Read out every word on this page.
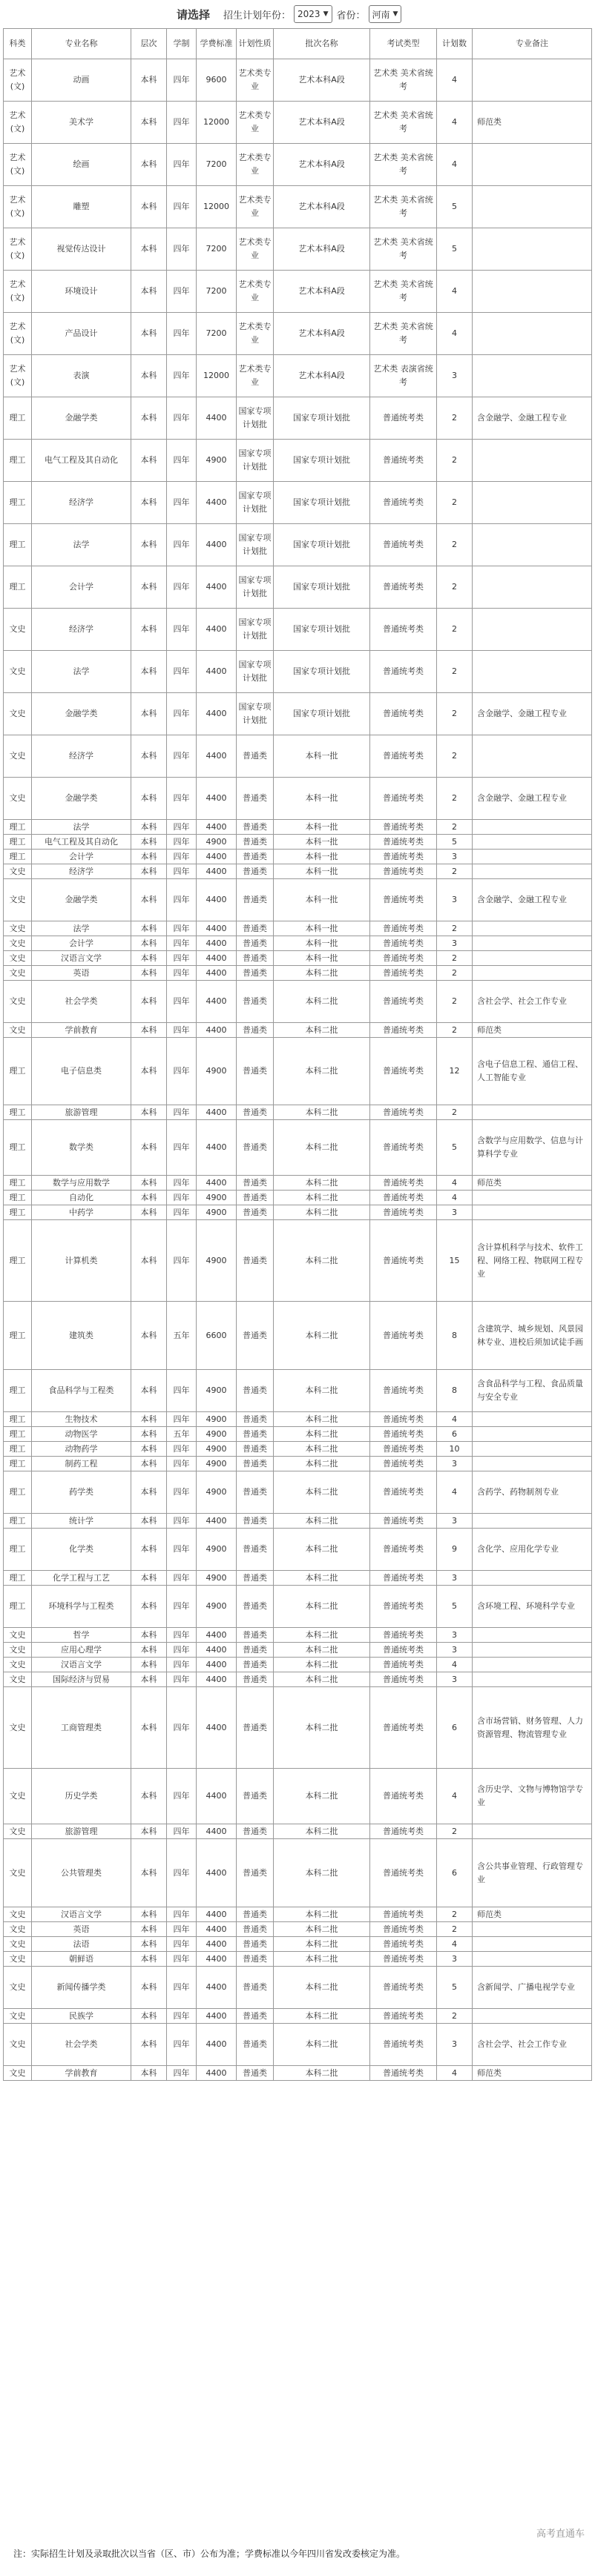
请选择 招生计划年份： 2023 ▼ 省份： 河南 ▼
科类	专业名称	层次	学制	学费标准	计划性质	批次名称	考试类型	计划数	专业备注
艺术(文)	动画	本科	四年	9600	艺术类专业	艺术本科A段	艺术类 美术省统考	4	
艺术(文)	美术学	本科	四年	12000	艺术类专业	艺术本科A段	艺术类 美术省统考	4	师范类
艺术(文)	绘画	本科	四年	7200	艺术类专业	艺术本科A段	艺术类 美术省统考	4	
艺术(文)	雕塑	本科	四年	12000	艺术类专业	艺术本科A段	艺术类 美术省统考	5	
艺术(文)	视觉传达设计	本科	四年	7200	艺术类专业	艺术本科A段	艺术类 美术省统考	5	
艺术(文)	环境设计	本科	四年	7200	艺术类专业	艺术本科A段	艺术类 美术省统考	4	
艺术(文)	产品设计	本科	四年	7200	艺术类专业	艺术本科A段	艺术类 美术省统考	4	
艺术(文)	表演	本科	四年	12000	艺术类专业	艺术本科A段	艺术类 表演省统考	3	
理工	金融学类	本科	四年	4400	国家专项计划批	国家专项计划批	普通统考类	2	含金融学、金融工程专业
理工	电气工程及其自动化	本科	四年	4900	国家专项计划批	国家专项计划批	普通统考类	2	
理工	经济学	本科	四年	4400	国家专项计划批	国家专项计划批	普通统考类	2	
理工	法学	本科	四年	4400	国家专项计划批	国家专项计划批	普通统考类	2	
理工	会计学	本科	四年	4400	国家专项计划批	国家专项计划批	普通统考类	2	
文史	经济学	本科	四年	4400	国家专项计划批	国家专项计划批	普通统考类	2	
文史	法学	本科	四年	4400	国家专项计划批	国家专项计划批	普通统考类	2	
文史	金融学类	本科	四年	4400	国家专项计划批	国家专项计划批	普通统考类	2	含金融学、金融工程专业
文史	经济学	本科	四年	4400	普通类	本科一批	普通统考类	2	
文史	金融学类	本科	四年	4400	普通类	本科一批	普通统考类	2	含金融学、金融工程专业
理工	法学	本科	四年	4400	普通类	本科一批	普通统考类	2	
理工	电气工程及其自动化	本科	四年	4900	普通类	本科一批	普通统考类	5	
理工	会计学	本科	四年	4400	普通类	本科一批	普通统考类	3	
文史	经济学	本科	四年	4400	普通类	本科一批	普通统考类	2	
文史	金融学类	本科	四年	4400	普通类	本科一批	普通统考类	3	含金融学、金融工程专业
文史	法学	本科	四年	4400	普通类	本科一批	普通统考类	2	
文史	会计学	本科	四年	4400	普通类	本科一批	普通统考类	3	
文史	汉语言文学	本科	四年	4400	普通类	本科一批	普通统考类	2	
文史	英语	本科	四年	4400	普通类	本科二批	普通统考类	2	
文史	社会学类	本科	四年	4400	普通类	本科二批	普通统考类	2	含社会学、社会工作专业
文史	学前教育	本科	四年	4400	普通类	本科二批	普通统考类	2	师范类
理工	电子信息类	本科	四年	4900	普通类	本科二批	普通统考类	12	含电子信息工程、通信工程、人工智能专业
理工	旅游管理	本科	四年	4400	普通类	本科二批	普通统考类	2	
理工	数学类	本科	四年	4400	普通类	本科二批	普通统考类	5	含数学与应用数学、信息与计算科学专业
理工	数学与应用数学	本科	四年	4400	普通类	本科二批	普通统考类	4	师范类
理工	自动化	本科	四年	4900	普通类	本科二批	普通统考类	4	
理工	中药学	本科	四年	4900	普通类	本科二批	普通统考类	3	
理工	计算机类	本科	四年	4900	普通类	本科二批	普通统考类	15	含计算机科学与技术、软件工程、网络工程、物联网工程专业
理工	建筑类	本科	五年	6600	普通类	本科二批	普通统考类	8	含建筑学、城乡规划、风景园林专业、进校后须加试徒手画
理工	食品科学与工程类	本科	四年	4900	普通类	本科二批	普通统考类	8	含食品科学与工程、食品质量与安全专业
理工	生物技术	本科	四年	4900	普通类	本科二批	普通统考类	4	
理工	动物医学	本科	五年	4900	普通类	本科二批	普通统考类	6	
理工	动物药学	本科	四年	4900	普通类	本科二批	普通统考类	10	
理工	制药工程	本科	四年	4900	普通类	本科二批	普通统考类	3	
理工	药学类	本科	四年	4900	普通类	本科二批	普通统考类	4	含药学、药物制剂专业
理工	统计学	本科	四年	4400	普通类	本科二批	普通统考类	3	
理工	化学类	本科	四年	4900	普通类	本科二批	普通统考类	9	含化学、应用化学专业
理工	化学工程与工艺	本科	四年	4900	普通类	本科二批	普通统考类	3	
理工	环境科学与工程类	本科	四年	4900	普通类	本科二批	普通统考类	5	含环境工程、环境科学专业
文史	哲学	本科	四年	4400	普通类	本科二批	普通统考类	3	
文史	应用心理学	本科	四年	4400	普通类	本科二批	普通统考类	3	
文史	汉语言文学	本科	四年	4400	普通类	本科二批	普通统考类	4	
文史	国际经济与贸易	本科	四年	4400	普通类	本科二批	普通统考类	3	
文史	工商管理类	本科	四年	4400	普通类	本科二批	普通统考类	6	含市场营销、财务管理、人力资源管理、物流管理专业
文史	历史学类	本科	四年	4400	普通类	本科二批	普通统考类	4	含历史学、文物与博物馆学专业
文史	旅游管理	本科	四年	4400	普通类	本科二批	普通统考类	2	
文史	公共管理类	本科	四年	4400	普通类	本科二批	普通统考类	6	含公共事业管理、行政管理专业
文史	汉语言文学	本科	四年	4400	普通类	本科二批	普通统考类	2	师范类
文史	英语	本科	四年	4400	普通类	本科二批	普通统考类	2	
文史	法语	本科	四年	4400	普通类	本科二批	普通统考类	4	
文史	朝鲜语	本科	四年	4400	普通类	本科二批	普通统考类	3	
文史	新闻传播学类	本科	四年	4400	普通类	本科二批	普通统考类	5	含新闻学、广播电视学专业
文史	民族学	本科	四年	4400	普通类	本科二批	普通统考类	2	
文史	社会学类	本科	四年	4400	普通类	本科二批	普通统考类	3	含社会学、社会工作专业
文史	学前教育	本科	四年	4400	普通类	本科二批	普通统考类	4	师范类
高考直通车
注：实际招生计划及录取批次以当省（区、市）公布为准；学费标准以今年四川省发改委核定为准。
